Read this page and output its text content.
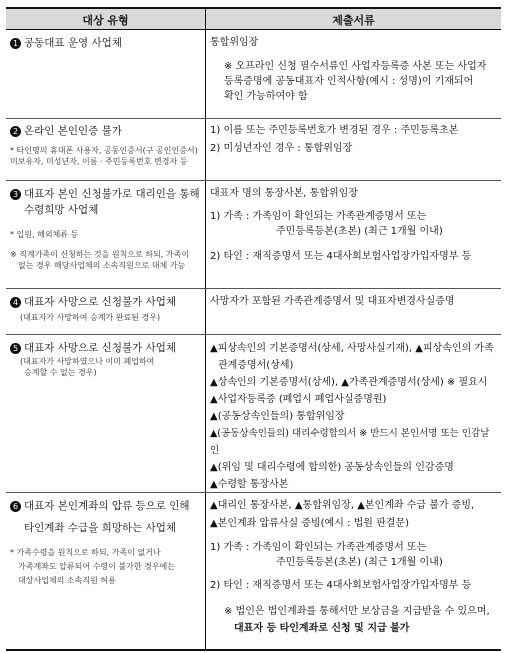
대상 유형	제출서류
1 공동대표 운영 사업체	통합위임장
※ 오프라인 신청 필수서류인 사업자등록증 사본 또는 사업자
등록증명에 공동대표자 인적사항(예시 : 성명)이 기재되어
확인 가능하여야 함
2 온라인 본인인증 불가
* 타인명의 휴대폰 사용자, 공동인증서(구 공인인증서)
미보유자, 미성년자, 이름 · 주민등록번호 변경자 등
1) 이름 또는 주민등록번호가 변경된 경우 : 주민등록초본
2) 미성년자인 경우 : 통합위임장
3 대표자 본인 신청불가로 대리인을 통해
수령희망 사업체
* 입원, 해외체류 등
※ 직계가족이 신청하는 것을 원칙으로 하되, 가족이
없는 경우 해당사업체의 소속직원으로 대체 가능
대표자 명의 통장사본, 통합위임장
1) 가족 : 가족임이 확인되는 가족관계증명서 또는
주민등록등본(초본) (최근 1개월 이내)
2) 타인 : 재직증명서 또는 4대사회보험사업장가입자명부 등
4 대표자 사망으로 신청불가 사업체
(대표자가 사망하여 승계가 완료된 경우)
사망자가 포함된 가족관계증명서 및 대표자변경사실증명
5 대표자 사망으로 신청불가 사업체
(대표자가 사망하였으나 이미 폐업하여
승계할 수 없는 경우)
▲피상속인의 기본증명서(상세, 사망사실기재), ▲피상속인의 가족
관계증명서(상세)
▲상속인의 기본증명서(상세), ▲가족관계증명서(상세) ※ 필요시
▲사업자등록증 (폐업시 폐업사실증명원)
▲(공동상속인들의) 통합위임장
▲(공동상속인들의) 대리수령합의서 ※ 반드시 본인서명 또는 인감날인
▲(위임 및 대리수령에 합의한) 공동상속인들의 인감증명
▲수령할 통장사본
6 대표자 본인계좌의 압류 등으로 인해
타인계좌 수급을 희망하는 사업체
* 가족수령을 원칙으로 하되, 가족이 없거나
가족계좌도 압류되어 수령이 불가한 경우에는
대상사업체의 소속직원 허용
▲대리인 통장사본, ▲통합위임장, ▲본인계좌 수급 불가 증빙,
▲본인계좌 압류사실 증빙(예시 : 법원 판결문)
1) 가족 : 가족임이 확인되는 가족관계증명서 또는
주민등록등본(초본) (최근 1개월 이내)
2) 타인 : 재직증명서 또는 4대사회보험사업장가입자명부 등
※ 법인은 법인계좌를 통해서만 보상금을 지급받을 수 있으며,
대표자 등 타인계좌로 신청 및 지급 불가
